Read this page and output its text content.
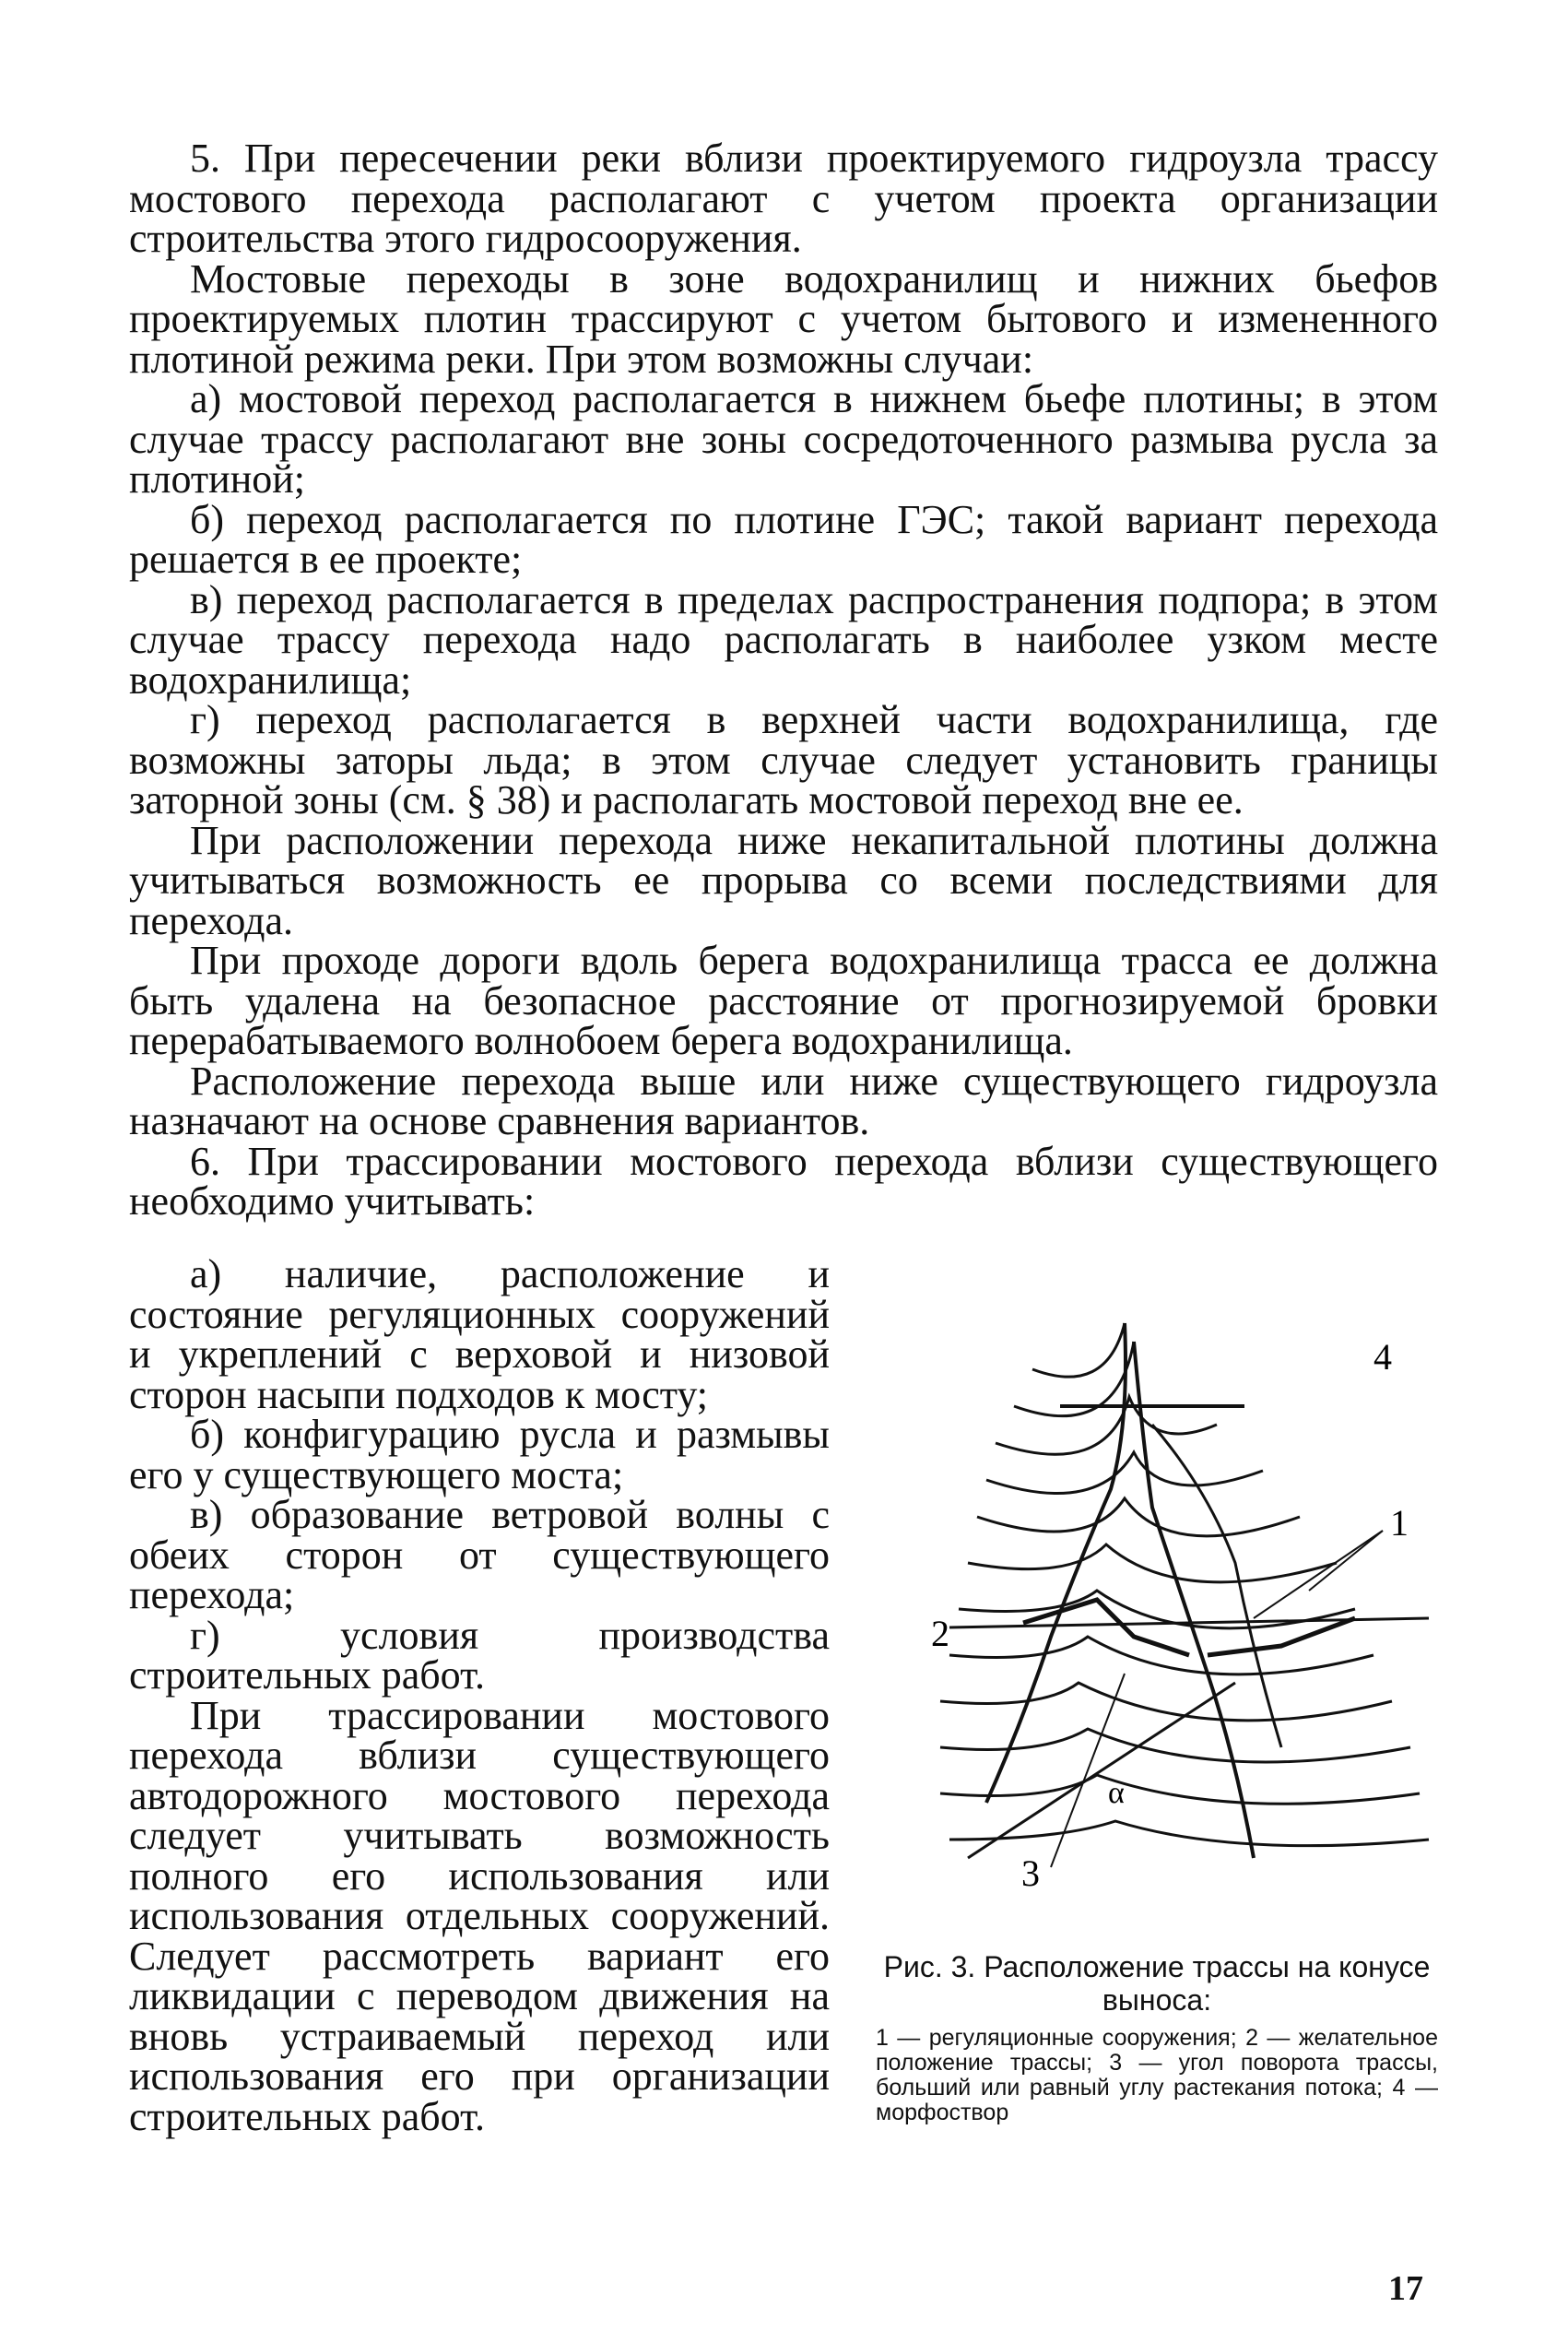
5. При пересечении реки вблизи проектируемого гидроузла трассу мостового перехода располагают с учетом проекта организации строительства этого гидросооружения.

Мостовые переходы в зоне водохранилищ и нижних бьефов проектируемых плотин трассируют с учетом бытового и измененного плотиной режима реки. При этом возможны случаи:

а) мостовой переход располагается в нижнем бьефе плотины; в этом случае трассу располагают вне зоны сосредоточенного размыва русла за плотиной;

б) переход располагается по плотине ГЭС; такой вариант перехода решается в ее проекте;

в) переход располагается в пределах распространения подпора; в этом случае трассу перехода надо располагать в наиболее узком месте водохранилища;

г) переход располагается в верхней части водохранилища, где возможны заторы льда; в этом случае следует установить границы заторной зоны (см. § 38) и располагать мостовой переход вне ее.

При расположении перехода ниже некапитальной плотины должна учитываться возможность ее прорыва со всеми последствиями для перехода.

При проходе дороги вдоль берега водохранилища трасса ее должна быть удалена на безопасное расстояние от прогнозируемой бровки перерабатываемого волнобоем берега водохранилища.

Расположение перехода выше или ниже существующего гидроузла назначают на основе сравнения вариантов.

6. При трассировании мостового перехода вблизи существующего необходимо учитывать:

а) наличие, расположение и состояние регуляционных сооружений и укреплений с верховой и низовой сторон насыпи подходов к мосту;

б) конфигурацию русла и размывы его у существующего моста;

в) образование ветровой волны с обеих сторон от существующего перехода;

г) условия производства строительных работ.

При трассировании мостового перехода вблизи существующего автодорожного мостового перехода следует учитывать возможность полного его использования или использования отдельных сооружений. Следует рассмотреть вариант его ликвидации с переводом движения на вновь устраиваемый переход или использования его при организации строительных работ.

4
1
2
3
α

Рис. 3. Расположение трассы на конусе выноса:

1 — регуляционные сооружения; 2 — желательное положение трассы; 3 — угол поворота трассы, больший или равный углу растекания потока; 4 — морфоствор

17
